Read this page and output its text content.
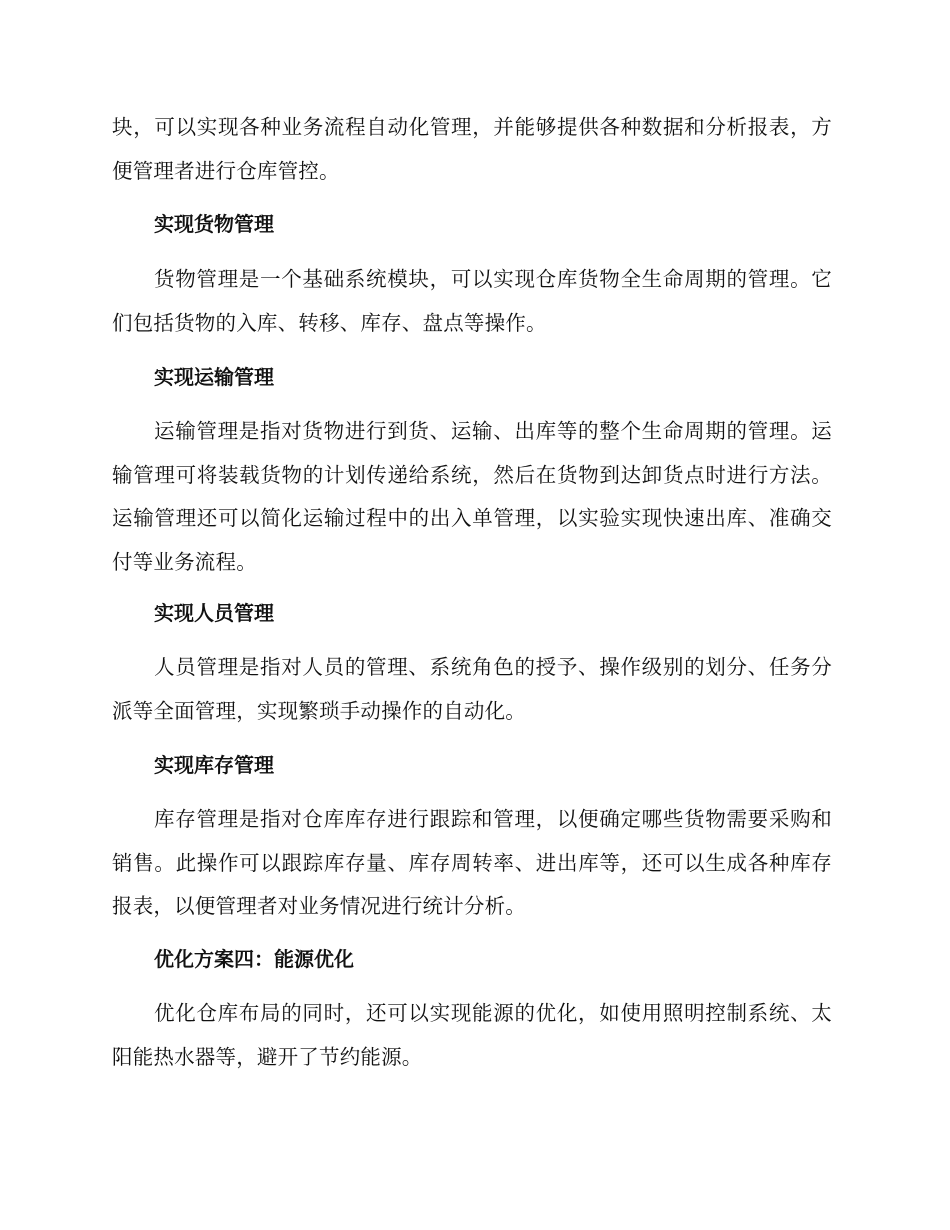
块，可以实现各种业务流程自动化管理，并能够提供各种数据和分析报表，方便管理者进行仓库管控。

实现货物管理

货物管理是一个基础系统模块，可以实现仓库货物全生命周期的管理。它们包括货物的入库、转移、库存、盘点等操作。

实现运输管理

运输管理是指对货物进行到货、运输、出库等的整个生命周期的管理。运输管理可将装载货物的计划传递给系统，然后在货物到达卸货点时进行方法。运输管理还可以简化运输过程中的出入单管理，以实验实现快速出库、准确交付等业务流程。

实现人员管理

人员管理是指对人员的管理、系统角色的授予、操作级别的划分、任务分派等全面管理，实现繁琐手动操作的自动化。

实现库存管理

库存管理是指对仓库库存进行跟踪和管理，以便确定哪些货物需要采购和销售。此操作可以跟踪库存量、库存周转率、进出库等，还可以生成各种库存报表，以便管理者对业务情况进行统计分析。

优化方案四：能源优化

优化仓库布局的同时，还可以实现能源的优化，如使用照明控制系统、太阳能热水器等，避开了节约能源。
